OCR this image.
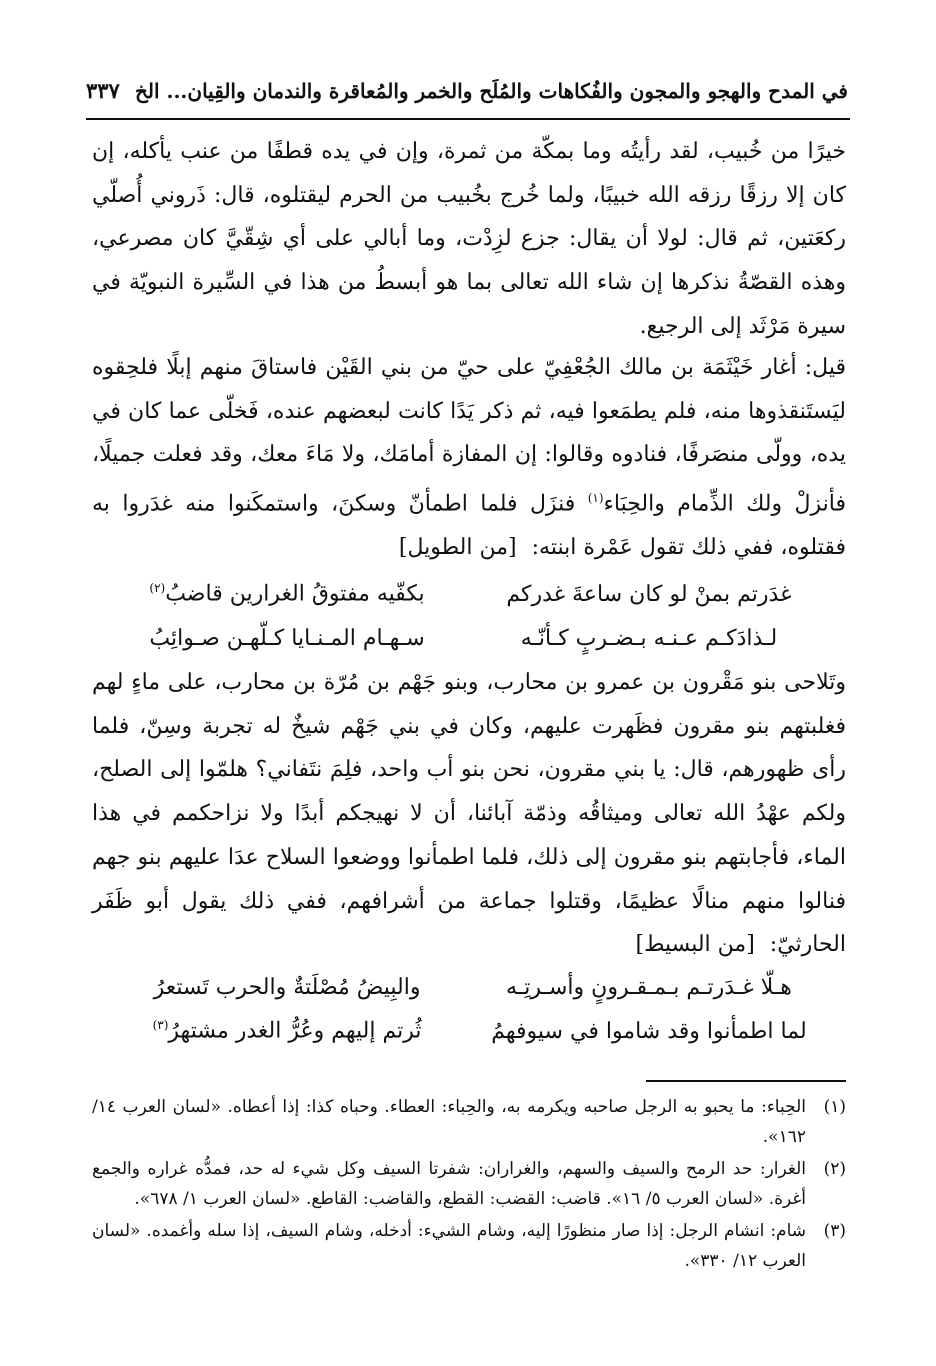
٣٣٧ في المدح والهجو والمجون والفُكاهات والمُلَح والخمر والمُعاقرة والندمان والقِيان... الخ

خيرًا من خُبيب، لقد رأيتُه وما بمكّة من ثمرة، وإن في يده قطفًا من عنب يأكله، إن كان إلا رزقًا رزقه الله خبيبًا، ولما خُرج بخُبيب من الحرم ليقتلوه، قال: ذَروني أُصلّي ركعَتين، ثم قال: لولا أن يقال: جزع لزِدْت، وما أبالي على أي شِقّيَّ كان مصرعي، وهذه القصّةُ نذكرها إن شاء الله تعالى بما هو أبسطُ من هذا في السِّيرة النبويّة في سيرة مَرْثَد إلى الرجيع.

قيل: أغار خَيْثَمَة بن مالك الجُعْفِيّ على حيّ من بني القَيْن فاستاقَ منهم إبلًا فلحِقوه ليَستَنقذوها منه، فلم يطمَعوا فيه، ثم ذكر يَدًا كانت لبعضهم عنده، فَخلّى عما كان في يده، وولّى منصَرفًا، فنادوه وقالوا: إن المفازة أمامَك، ولا مَاءَ معك، وقد فعلت جميلًا، فأنزلْ ولك الذِّمام والحِبَاء$^{(١)}$ فنزَل فلما اطمأنّ وسكنَ، واستمكَنوا منه غدَروا به فقتلوه، ففي ذلك تقول عَمْرة ابنته: [من الطويل]

غدَرتم بمنْ لو كان ساعةَ غدركم
بكفّيه مفتوقُ الغرارين قاضبُ$^{(٢)}$
لـذادَكـم عـنـه بـضـربٍ كـأنّـه
سـهـام المـنـايا كـلّهـن صـوائِبُ

وتَلاحى بنو مَقْرون بن عمرو بن محارب، وبنو جَهْم بن مُرّة بن محارب، على ماءٍ لهم فغلبتهم بنو مقرون فظَهرت عليهم، وكان في بني جَهْم شيخٌ له تجربة وسِنّ، فلما رأى ظهورهم، قال: يا بني مقرون، نحن بنو أب واحد، فلِمَ نتَفاني؟ هلمّوا إلى الصلح، ولكم عهْدُ الله تعالى وميثاقُه وذمّة آبائنا، أن لا نهيجكم أبدًا ولا نزاحكمم في هذا الماء، فأجابتهم بنو مقرون إلى ذلك، فلما اطمأنوا ووضعوا السلاح عدَا عليهم بنو جهم فنالوا منهم منالًا عظيمًا، وقتلوا جماعة من أشرافهم، ففي ذلك يقول أبو ظَفَر الحارثيّ: [من البسيط]

هـلّا غـدَرتـم بـمـقـرونٍ وأسـرتِـه
والبِيضُ مُصْلَتةٌ والحرب تَستعرُ
لما اطمأنوا وقد شاموا في سيوفهمُ
ثُرتم إليهم وعُرُّ الغدر مشتهرُ$^{(٣)}$
(١)
الحِباء: ما يحبو به الرجل صاحبه ويكرمه به، والحِباء: العطاء. وحباه كذا: إذا أعطاه. «لسان العرب ١٤/ ١٦٢».
(٢)
الغرار: حد الرمح والسيف والسهم، والغراران: شفرتا السيف وكل شيء له حد، فمدُّه غراره والجمع أغرة. «لسان العرب ٥/ ١٦». قاضب: القضب: القطع، والقاضب: القاطع. «لسان العرب ١/ ٦٧٨».
(٣)
شام: انشام الرجل: إذا صار منظورًا إليه، وشام الشيء: أدخله، وشام السيف، إذا سله وأغمده. «لسان العرب ١٢/ ٣٣٠».
